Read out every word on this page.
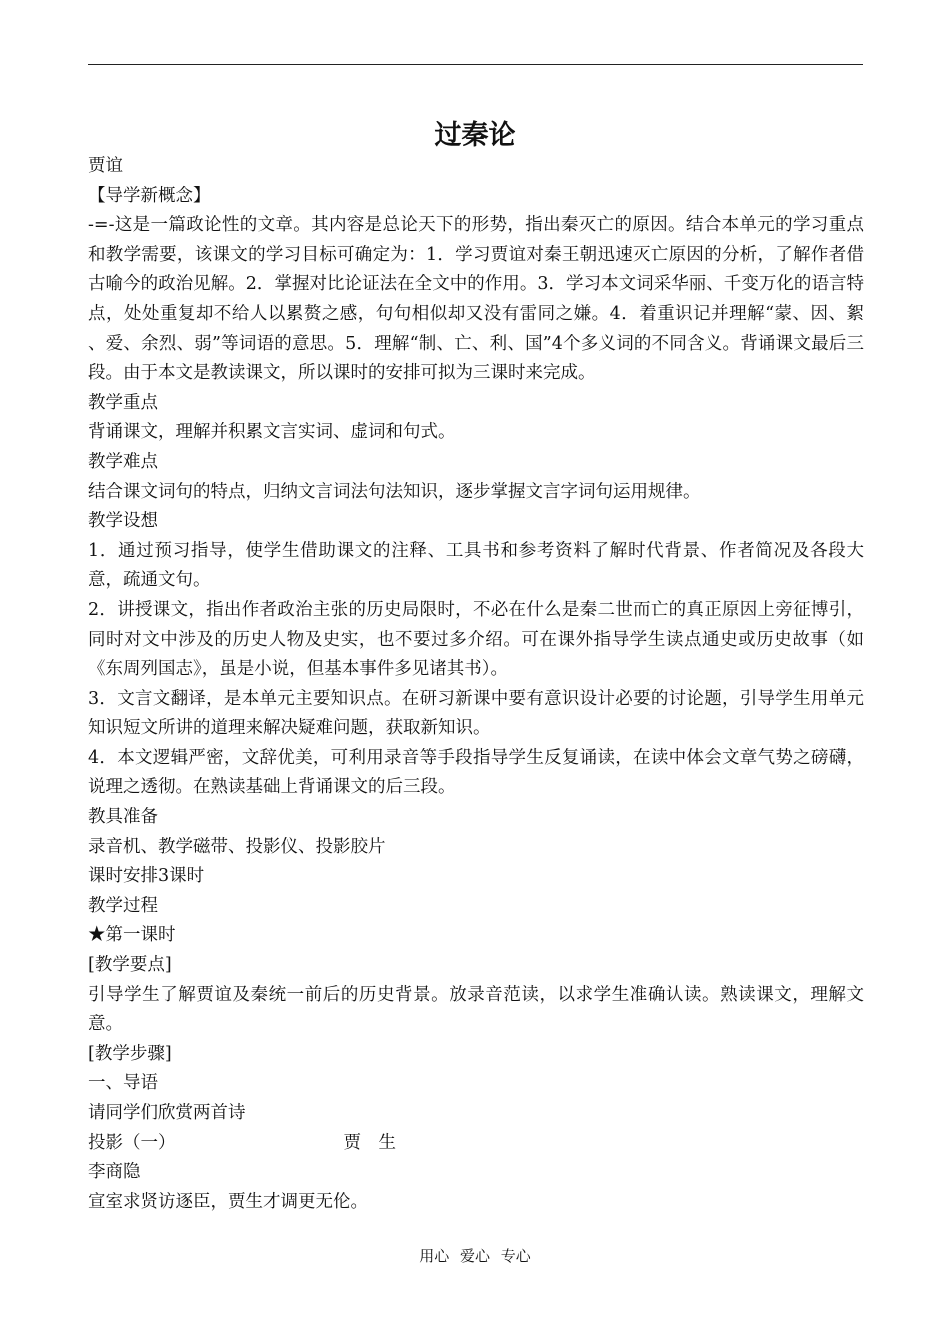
过秦论

贾谊

【导学新概念】

-=-这是一篇政论性的文章。其内容是总论天下的形势，指出秦灭亡的原因。结合本单元的学习重点和教学需要，该课文的学习目标可确定为：1．学习贾谊对秦王朝迅速灭亡原因的分析，了解作者借古喻今的政治见解。2．掌握对比论证法在全文中的作用。3．学习本文词采华丽、千变万化的语言特点，处处重复却不给人以累赘之感，句句相似却又没有雷同之嫌。4．着重识记并理解“蒙、因、絮 、爱、余烈、弱”等词语的意思。5．理解“制、亡、利、国”4个多义词的不同含义。背诵课文最后三段。由于本文是教读课文，所以课时的安排可拟为三课时来完成。

教学重点

背诵课文，理解并积累文言实词、虚词和句式。

教学难点

结合课文词句的特点，归纳文言词法句法知识，逐步掌握文言字词句运用规律。

教学设想

1．通过预习指导，使学生借助课文的注释、工具书和参考资料了解时代背景、作者简况及各段大意，疏通文句。

2．讲授课文，指出作者政治主张的历史局限时，不必在什么是秦二世而亡的真正原因上旁征博引，同时对文中涉及的历史人物及史实，也不要过多介绍。可在课外指导学生读点通史或历史故事（如《东周列国志》，虽是小说，但基本事件多见诸其书）。

3．文言文翻译，是本单元主要知识点。在研习新课中要有意识设计必要的讨论题，引导学生用单元知识短文所讲的道理来解决疑难问题，获取新知识。

4．本文逻辑严密，文辞优美，可利用录音等手段指导学生反复诵读，在读中体会文章气势之磅礴，说理之透彻。在熟读基础上背诵课文的后三段。

教具准备

录音机、教学磁带、投影仪、投影胶片

课时安排3课时

教学过程

★第一课时

[教学要点]

引导学生了解贾谊及秦统一前后的历史背景。放录音范读，以求学生准确认读。熟读课文，理解文意。

[教学步骤]

一、导语

请同学们欣赏两首诗

投影（一）	贾　生

李商隐

宣室求贤访逐臣，贾生才调更无伦。

用心 爱心 专心
